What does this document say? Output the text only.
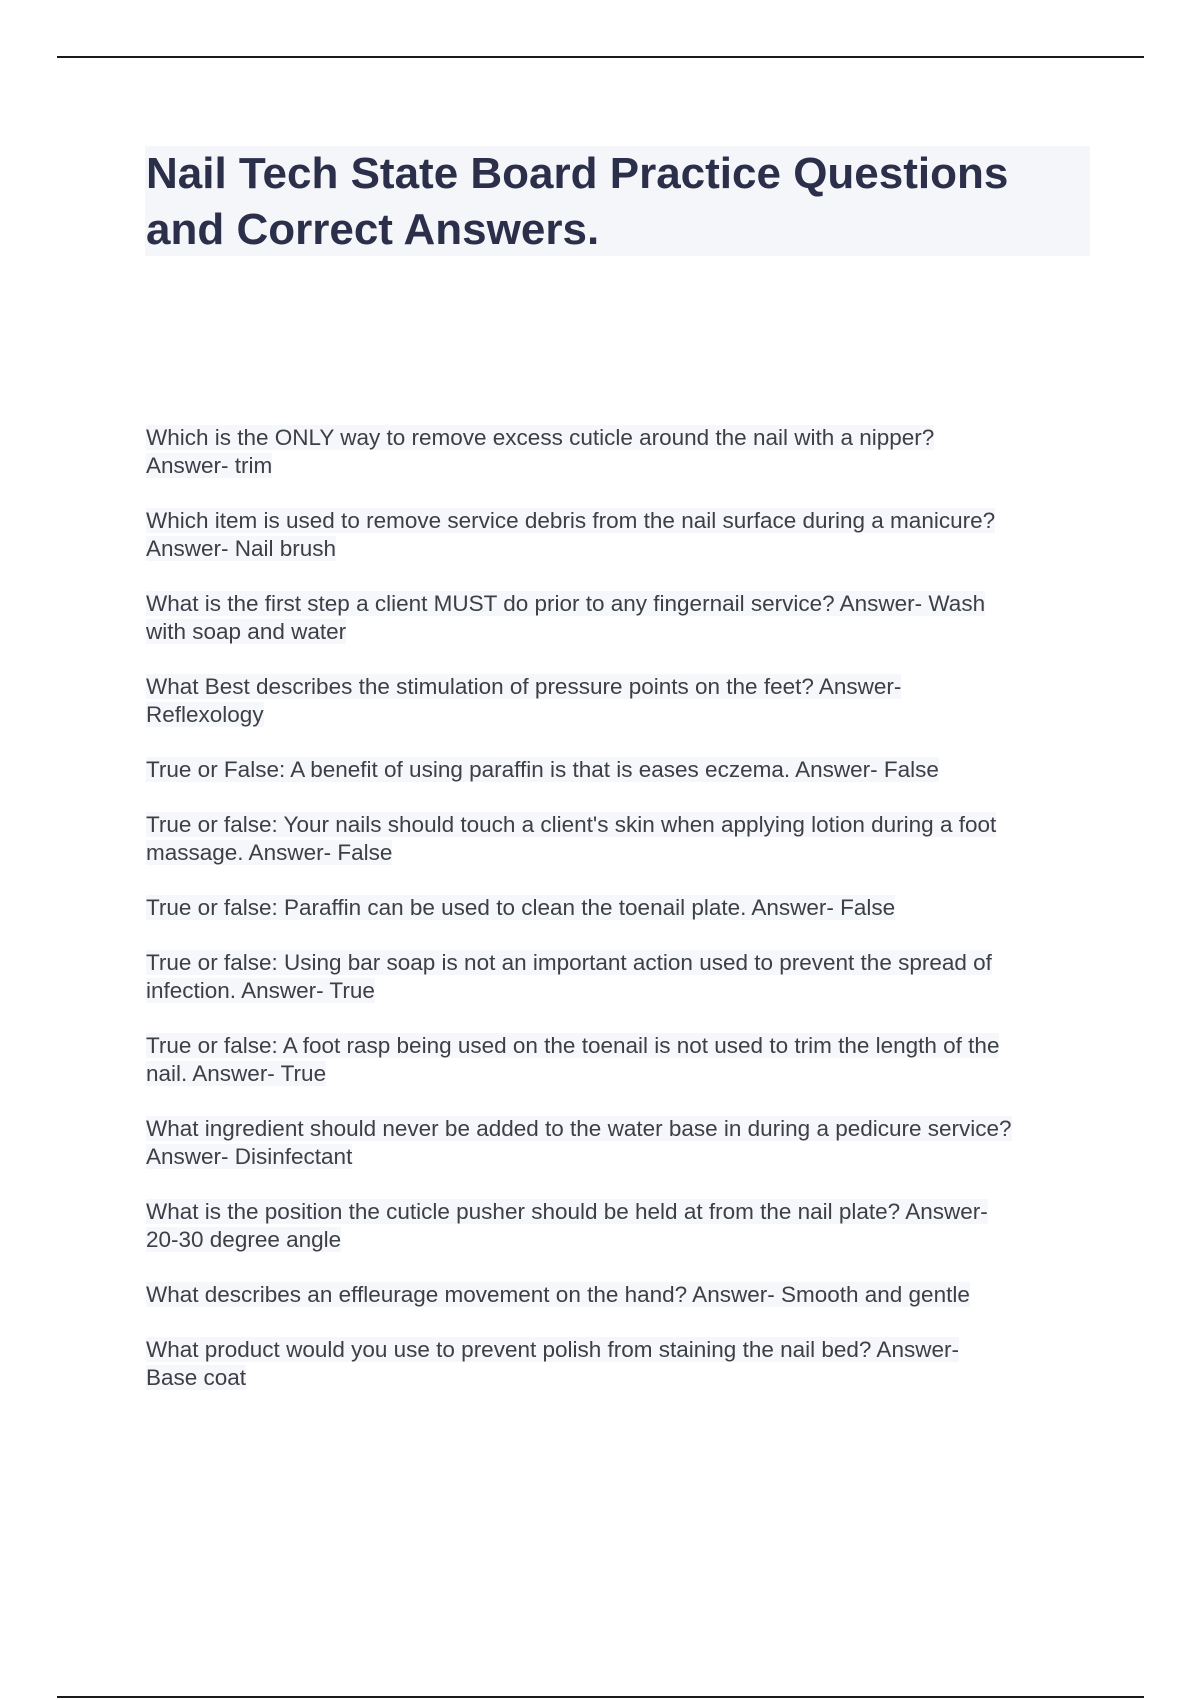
Nail Tech State Board Practice Questions and Correct Answers.
Which is the ONLY way to remove excess cuticle around the nail with a nipper?
Answer- trim
Which item is used to remove service debris from the nail surface during a manicure?
Answer- Nail brush
What is the first step a client MUST do prior to any fingernail service? Answer- Wash
with soap and water
What Best describes the stimulation of pressure points on the feet? Answer-
Reflexology
True or False: A benefit of using paraffin is that is eases eczema. Answer- False
True or false: Your nails should touch a client's skin when applying lotion during a foot
massage. Answer- False
True or false: Paraffin can be used to clean the toenail plate. Answer- False
True or false: Using bar soap is not an important action used to prevent the spread of
infection. Answer- True
True or false: A foot rasp being used on the toenail is not used to trim the length of the
nail. Answer- True
What ingredient should never be added to the water base in during a pedicure service?
Answer- Disinfectant
What is the position the cuticle pusher should be held at from the nail plate? Answer-
20-30 degree angle
What describes an effleurage movement on the hand? Answer- Smooth and gentle
What product would you use to prevent polish from staining the nail bed? Answer-
Base coat
